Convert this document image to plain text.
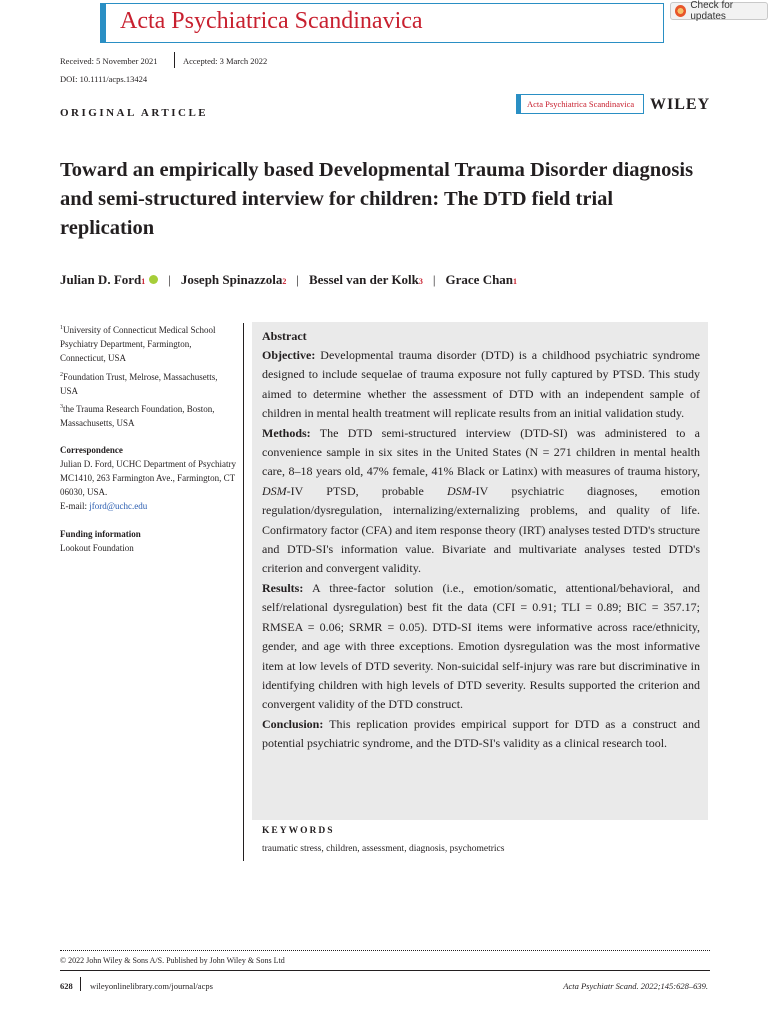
Acta Psychiatrica Scandinavica
Check for updates
Received: 5 November 2021	Accepted: 3 March 2022
DOI: 10.1111/acps.13424
ORIGINAL ARTICLE
Acta Psychiatrica Scandinavica WILEY
Toward an empirically based Developmental Trauma Disorder diagnosis and semi-structured interview for children: The DTD field trial replication
Julian D. Ford 1 | Joseph Spinazzola 2 | Bessel van der Kolk 3 | Grace Chan 1
$^1$University of Connecticut Medical School Psychiatry Department, Farmington, Connecticut, USA
$^2$Foundation Trust, Melrose, Massachusetts, USA
$^3$the Trauma Research Foundation, Boston, Massachusetts, USA
Correspondence
Julian D. Ford, UCHC Department of Psychiatry MC1410, 263 Farmington Ave., Farmington, CT 06030, USA.
E-mail: jford@uchc.edu
Funding information
Lookout Foundation
Abstract

Objective: Developmental trauma disorder (DTD) is a childhood psychiatric syndrome designed to include sequelae of trauma exposure not fully captured by PTSD. This study aimed to determine whether the assessment of DTD with an independent sample of children in mental health treatment will replicate results from an initial validation study.

Methods: The DTD semi-structured interview (DTD-SI) was administered to a convenience sample in six sites in the United States (N = 271 children in mental health care, 8–18 years old, 47% female, 41% Black or Latinx) with measures of trauma history, DSM-IV PTSD, probable DSM-IV psychiatric diagnoses, emotion regulation/dysregulation, internalizing/externalizing problems, and quality of life. Confirmatory factor (CFA) and item response theory (IRT) analyses tested DTD's structure and DTD-SI's information value. Bivariate and multivariate analyses tested DTD's criterion and convergent validity.

Results: A three-factor solution (i.e., emotion/somatic, attentional/behavioral, and self/relational dysregulation) best fit the data (CFI = 0.91; TLI = 0.89; BIC = 357.17; RMSEA = 0.06; SRMR = 0.05). DTD-SI items were informative across race/ethnicity, gender, and age with three exceptions. Emotion dysregulation was the most informative item at low levels of DTD severity. Non-suicidal self-injury was rare but discriminative in identifying children with high levels of DTD severity. Results supported the criterion and convergent validity of the DTD construct.

Conclusion: This replication provides empirical support for DTD as a construct and potential psychiatric syndrome, and the DTD-SI's validity as a clinical research tool.

KEYWORDS
traumatic stress, children, assessment, diagnosis, psychometrics
© 2022 John Wiley & Sons A/S. Published by John Wiley & Sons Ltd
628 wileyonlinelibrary.com/journal/acps	Acta Psychiatr Scand. 2022;145:628–639.
